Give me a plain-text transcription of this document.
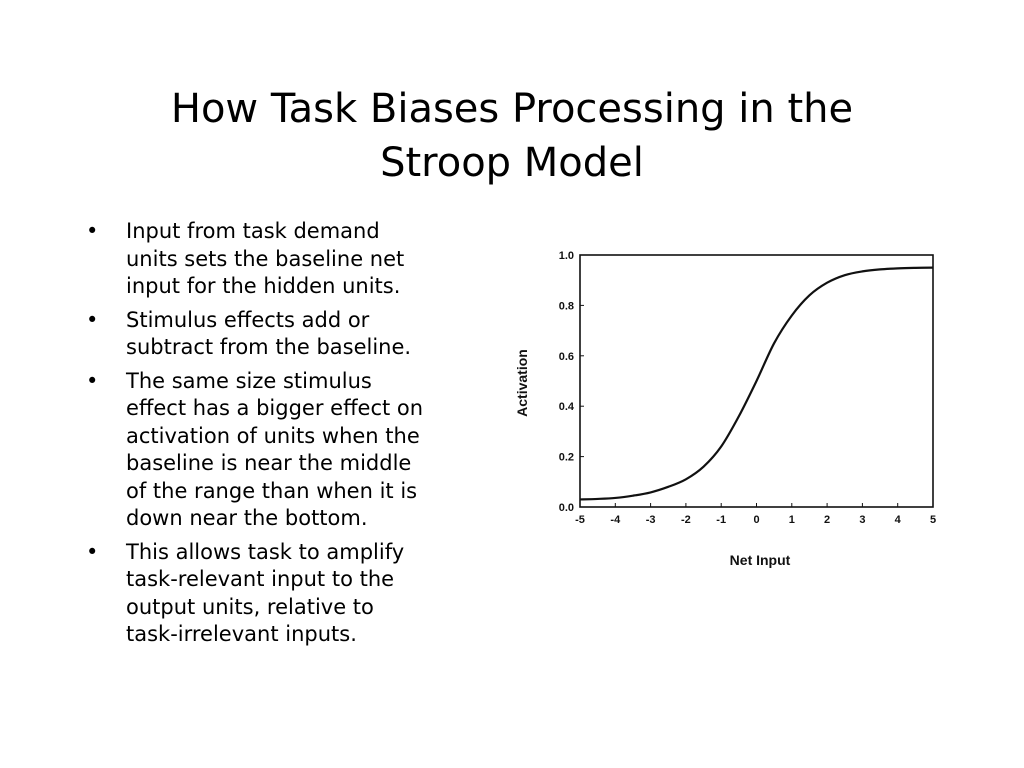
How Task Biases Processing in the
Stroop Model
•	Input from task demand
units sets the baseline net
input for the hidden units.
•	Stimulus effects add or
subtract from the baseline.
•	The same size stimulus
effect has a bigger effect on
activation of units when the
baseline is near the middle
of the range than when it is
down near the bottom.
•	This allows task to amplify
task-relevant input to the
output units, relative to
task-irrelevant inputs.
-5 -4 -3 -2 -1 0	1	2	3	4	5
0.0
0.2
0.4
0.6
0.8
1.0
Net Input
Activation
